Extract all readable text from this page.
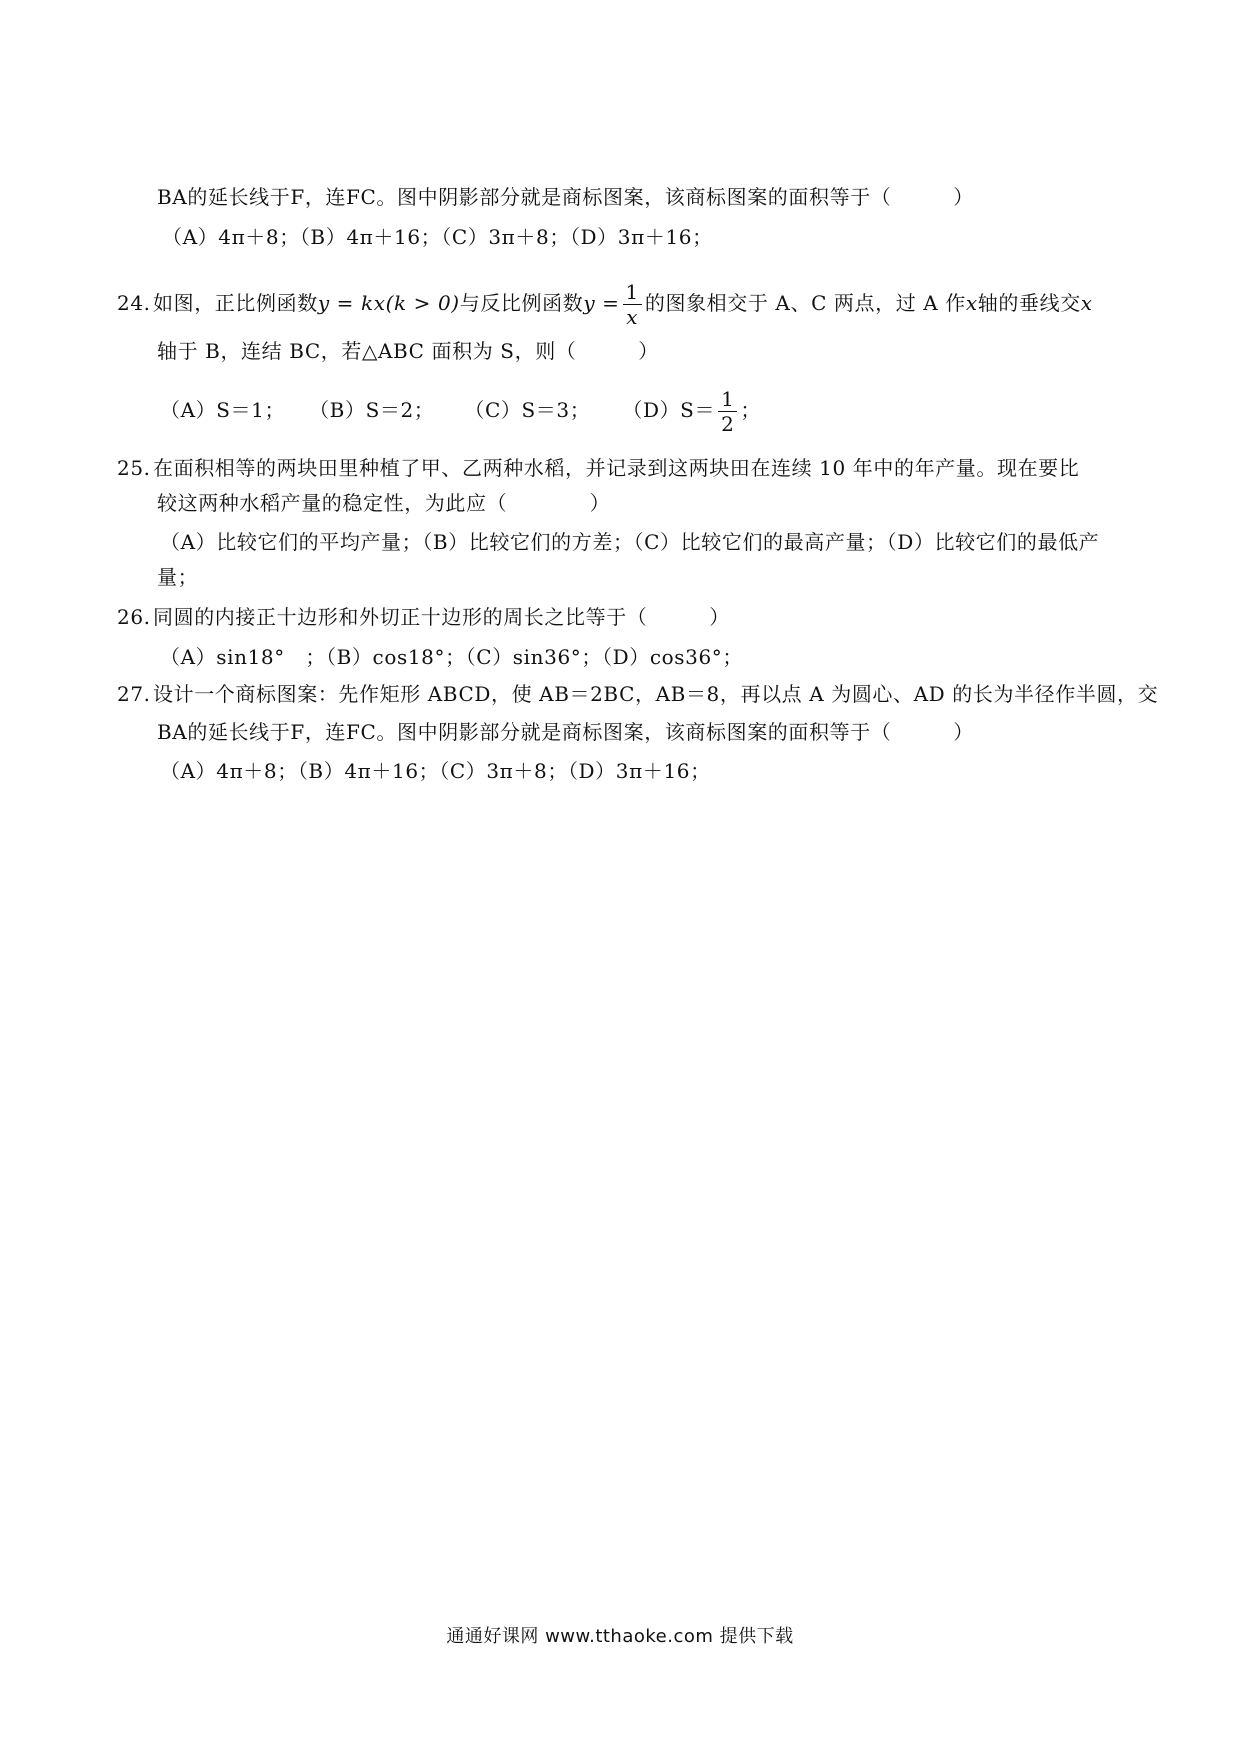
BA的延长线于F，连FC。图中阴影部分就是商标图案，该商标图案的面积等于（　　　）
（A）4π＋8；（B）4π＋16；（C）3π＋8；（D）3π＋16；
24. 如图，正比例函数y = kx(k > 0)与反比例函数$y = \frac{1}{x}$ 的图象相交于 A、C 两点，过 A 作x轴的垂线交x
轴于 B，连结 BC，若△ABC 面积为 S，则（　　　）
（A）S＝1； （B）S＝2； （C）S＝3； $(D)S= \frac{1}{2}$ ；
25. 在面积相等的两块田里种植了甲、乙两种水稻，并记录到这两块田在连续 10 年中的年产量。现在要比
较这两种水稻产量的稳定性，为此应（　　　　）
（A）比较它们的平均产量；（B）比较它们的方差；（C）比较它们的最高产量；（D）比较它们的最低产
量；
26. 同圆的内接正十边形和外切正十边形的周长之比等于（　　　）
（A）sin18°　；（B）cos18°；（C）sin36°；（D）cos36°；
27. 设计一个商标图案：先作矩形 ABCD，使 AB＝2BC，AB＝8，再以点 A 为圆心、AD 的长为半径作半圆，交
BA的延长线于F，连FC。图中阴影部分就是商标图案，该商标图案的面积等于（　　　）
（A）4π＋8；（B）4π＋16；（C）3π＋8；（D）3π＋16；
通通好课网 www.tthaoke.com 提供下载
